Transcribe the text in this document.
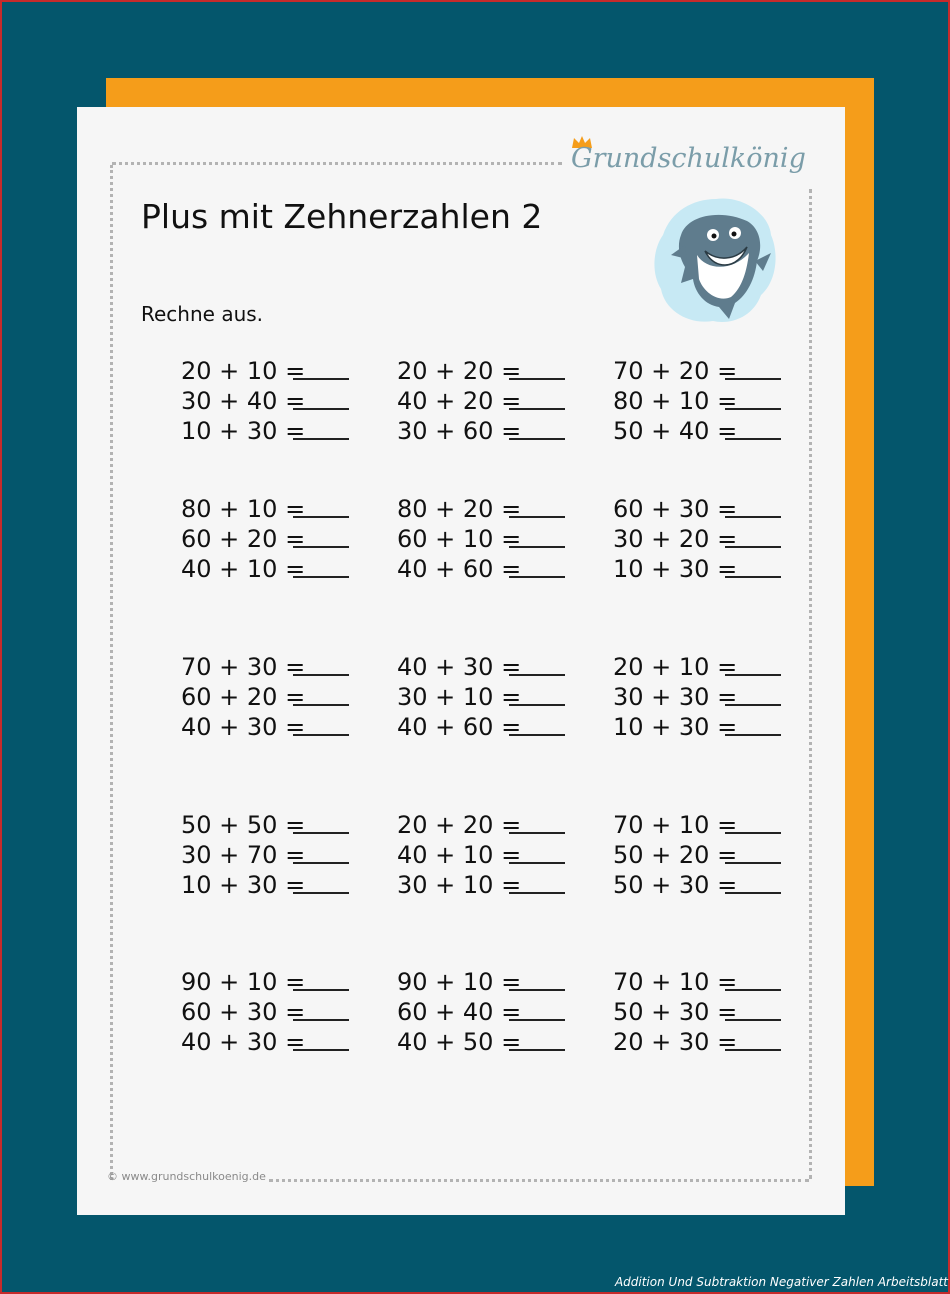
Grundschulkönig
Plus mit Zehnerzahlen 2
Rechne aus.
© www.grundschulkoenig.de
20 + 10 =
30 + 40 =
10 + 30 =
20 + 20 =
40 + 20 =
30 + 60 =
70 + 20 =
80 + 10 =
50 + 40 =
80 + 10 =
60 + 20 =
40 + 10 =
80 + 20 =
60 + 10 =
40 + 60 =
60 + 30 =
30 + 20 =
10 + 30 =
70 + 30 =
60 + 20 =
40 + 30 =
40 + 30 =
30 + 10 =
40 + 60 =
20 + 10 =
30 + 30 =
10 + 30 =
50 + 50 =
30 + 70 =
10 + 30 =
20 + 20 =
40 + 10 =
30 + 10 =
70 + 10 =
50 + 20 =
50 + 30 =
90 + 10 =
60 + 30 =
40 + 30 =
90 + 10 =
60 + 40 =
40 + 50 =
70 + 10 =
50 + 30 =
20 + 30 =
Addition Und Subtraktion Negativer Zahlen Arbeitsblatt
